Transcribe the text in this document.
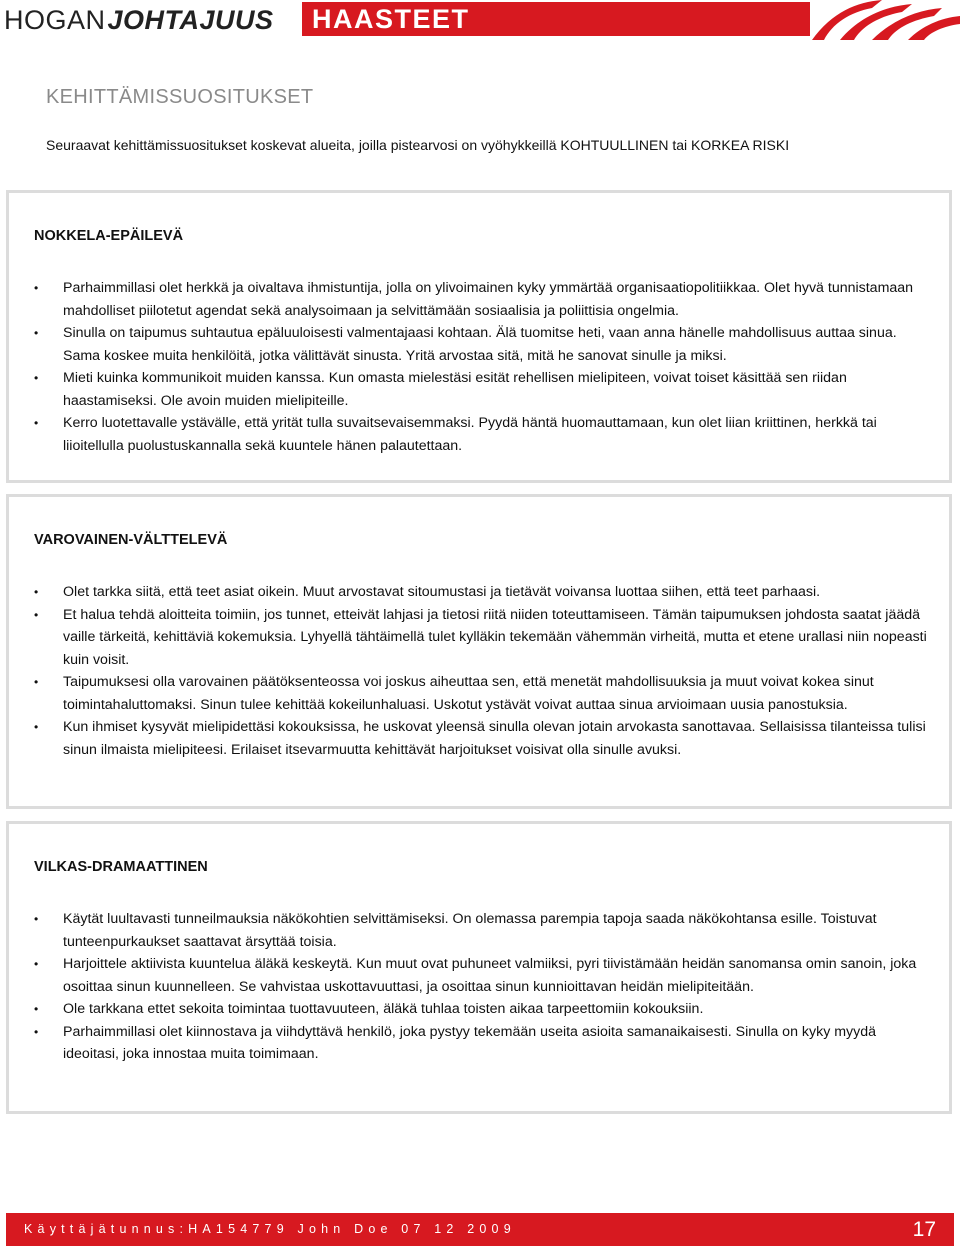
HOGAN JOHTAJUUS HAASTEET
KEHITTÄMISSUOSITUKSET

Seuraavat kehittämissuositukset koskevat alueita, joilla pistearvosi on vyöhykkeillä KOHTUULLINEN tai KORKEA RISKI

NOKKELA-EPÄILEVÄ
• Parhaimmillasi olet herkkä ja oivaltava ihmistuntija, jolla on ylivoimainen kyky ymmärtää organisaatiopolitiikkaa. Olet hyvä tunnistamaan mahdolliset piilotetut agendat sekä analysoimaan ja selvittämään sosiaalisia ja poliittisia ongelmia.
• Sinulla on taipumus suhtautua epäluuloisesti valmentajaasi kohtaan. Älä tuomitse heti, vaan anna hänelle mahdollisuus auttaa sinua. Sama koskee muita henkilöitä, jotka välittävät sinusta. Yritä arvostaa sitä, mitä he sanovat sinulle ja miksi.
• Mieti kuinka kommunikoit muiden kanssa. Kun omasta mielestäsi esität rehellisen mielipiteen, voivat toiset käsittää sen riidan haastamiseksi. Ole avoin muiden mielipiteille.
• Kerro luotettavalle ystävälle, että yrität tulla suvaitsevaisemmaksi. Pyydä häntä huomauttamaan, kun olet liian kriittinen, herkkä tai liioitellulla puolustuskannalla sekä kuuntele hänen palautettaan.
VAROVAINEN-VÄLTTELEVÄ
• Olet tarkka siitä, että teet asiat oikein. Muut arvostavat sitoumustasi ja tietävät voivansa luottaa siihen, että teet parhaasi.
• Et halua tehdä aloitteita toimiin, jos tunnet, etteivät lahjasi ja tietosi riitä niiden toteuttamiseen. Tämän taipumuksen johdosta saatat jäädä vaille tärkeitä, kehittäviä kokemuksia. Lyhyellä tähtäimellä tulet kylläkin tekemään vähemmän virheitä, mutta et etene urallasi niin nopeasti kuin voisit.
• Taipumuksesi olla varovainen päätöksenteossa voi joskus aiheuttaa sen, että menetät mahdollisuuksia ja muut voivat kokea sinut toimintahaluttomaksi. Sinun tulee kehittää kokeilunhaluasi. Uskotut ystävät voivat auttaa sinua arvioimaan uusia panostuksia.
• Kun ihmiset kysyvät mielipidettäsi kokouksissa, he uskovat yleensä sinulla olevan jotain arvokasta sanottavaa. Sellaisissa tilanteissa tulisi sinun ilmaista mielipiteesi. Erilaiset itsevarmuutta kehittävät harjoitukset voisivat olla sinulle avuksi.
VILKAS-DRAMAATTINEN
• Käytät luultavasti tunneilmauksia näkökohtien selvittämiseksi. On olemassa parempia tapoja saada näkökohtansa esille. Toistuvat tunteenpurkaukset saattavat ärsyttää toisia.
• Harjoittele aktiivista kuuntelua äläkä keskeytä. Kun muut ovat puhuneet valmiiksi, pyri tiivistämään heidän sanomansa omin sanoin, joka osoittaa sinun kuunnelleen. Se vahvistaa uskottavuuttasi, ja osoittaa sinun kunnioittavan heidän mielipiteitään.
• Ole tarkkana ettet sekoita toimintaa tuottavuuteen, äläkä tuhlaa toisten aikaa tarpeettomiin kokouksiin.
• Parhaimmillasi olet kiinnostava ja viihdyttävä henkilö, joka pystyy tekemään useita asioita samanaikaisesti. Sinulla on kyky myydä ideoitasi, joka innostaa muita toimimaan.
Käyttäjätunnus:HA154779 John Doe 07 12 2009	17
